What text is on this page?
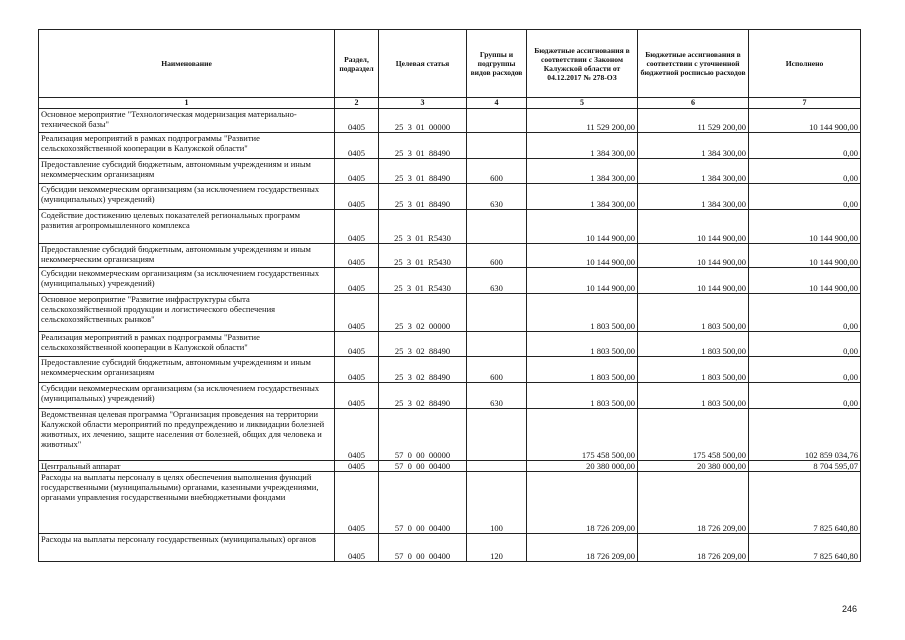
Наименование	Раздел, подраздел	Целевая статья	Группы и подгруппы видов расходов	Бюджетные ассигнования в соответствии с Законом Калужской области от 04.12.2017 № 278-ОЗ	Бюджетные ассигнования в соответствии с уточненной бюджетной росписью расходов	Исполнено
1	2	3	4	5	6	7
Основное мероприятие "Технологическая модернизация материально-технической базы"	0405	25  3  01  00000		11 529 200,00	11 529 200,00	10 144 900,00
Реализация мероприятий в рамках подпрограммы "Развитие сельскохозяйственной кооперации в Калужской области"	0405	25  3  01  88490		1 384 300,00	1 384 300,00	0,00
Предоставление субсидий бюджетным, автономным учреждениям и иным некоммерческим организациям	0405	25  3  01  88490	600	1 384 300,00	1 384 300,00	0,00
Субсидии некоммерческим организациям (за исключением государственных (муниципальных) учреждений)	0405	25  3  01  88490	630	1 384 300,00	1 384 300,00	0,00
Содействие достижению целевых показателей региональных программ развития агропромышленного комплекса	0405	25  3  01  R5430		10 144 900,00	10 144 900,00	10 144 900,00
Предоставление субсидий бюджетным, автономным учреждениям и иным некоммерческим организациям	0405	25  3  01  R5430	600	10 144 900,00	10 144 900,00	10 144 900,00
Субсидии некоммерческим организациям (за исключением государственных (муниципальных) учреждений)	0405	25  3  01  R5430	630	10 144 900,00	10 144 900,00	10 144 900,00
Основное мероприятие "Развитие инфраструктуры сбыта сельскохозяйственной продукции и логистического обеспечения сельскохозяйственных рынков"	0405	25  3  02  00000		1 803 500,00	1 803 500,00	0,00
Реализация мероприятий в рамках подпрограммы "Развитие сельскохозяйственной кооперации в Калужской области"	0405	25  3  02  88490		1 803 500,00	1 803 500,00	0,00
Предоставление субсидий бюджетным, автономным учреждениям и иным некоммерческим организациям	0405	25  3  02  88490	600	1 803 500,00	1 803 500,00	0,00
Субсидии некоммерческим организациям (за исключением государственных (муниципальных) учреждений)	0405	25  3  02  88490	630	1 803 500,00	1 803 500,00	0,00
Ведомственная целевая программа "Организация проведения на территории Калужской области мероприятий по предупреждению и ликвидации болезней животных, их лечению, защите населения от болезней, общих для человека и животных"	0405	57  0  00  00000		175 458 500,00	175 458 500,00	102 859 034,76
Центральный аппарат	0405	57  0  00  00400		20 380 000,00	20 380 000,00	8 704 595,07
Расходы на выплаты персоналу в целях обеспечения выполнения функций государственными (муниципальными) органами, казенными учреждениями, органами управления государственными внебюджетными фондами	0405	57  0  00  00400	100	18 726 209,00	18 726 209,00	7 825 640,80
Расходы на выплаты персоналу государственных (муниципальных) органов	0405	57  0  00  00400	120	18 726 209,00	18 726 209,00	7 825 640,80
246
